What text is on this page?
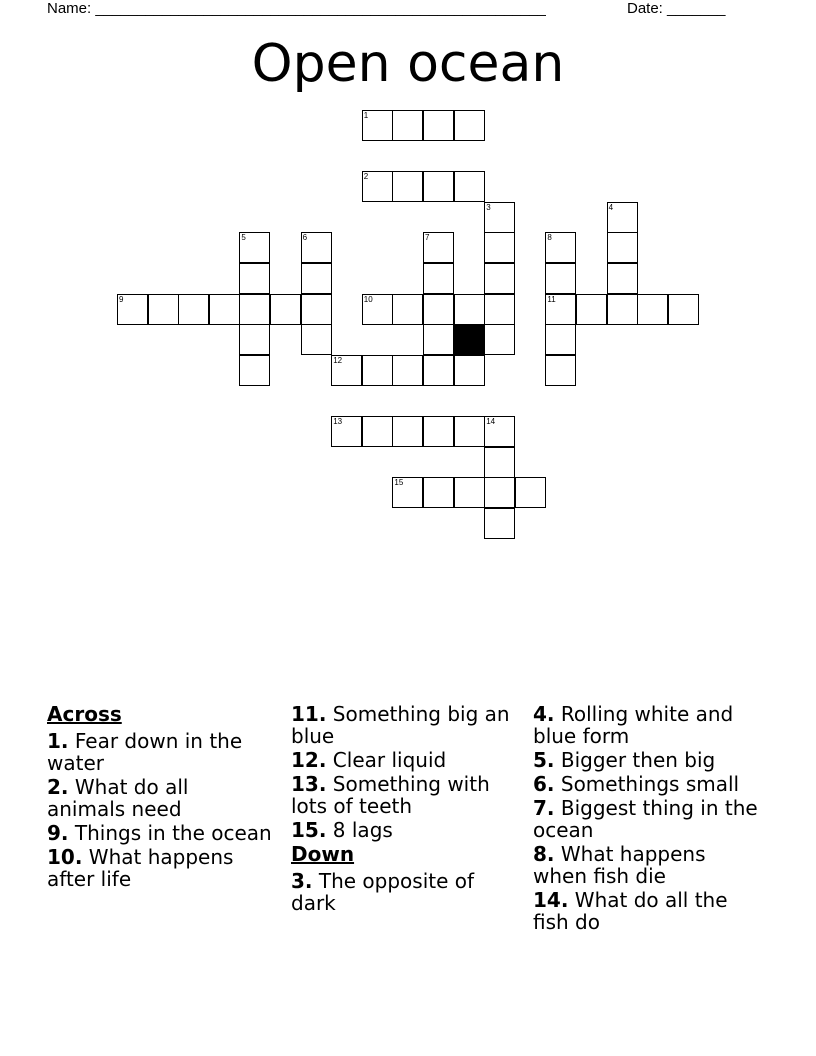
Name: ______________________________________________________	Date: _______
Open ocean
1
2
3	4
5	6	7	8
9	10	11
12
13	14
15
Across
1. Fear down in the water
2. What do all animals need
9. Things in the ocean
10. What happens after life
11. Something big an blue
12. Clear liquid
13. Something with lots of teeth
15. 8 lags
Down
3. The opposite of dark
4. Rolling white and blue form
5. Bigger then big
6. Somethings small
7. Biggest thing in the ocean
8. What happens when fish die
14. What do all the fish do
